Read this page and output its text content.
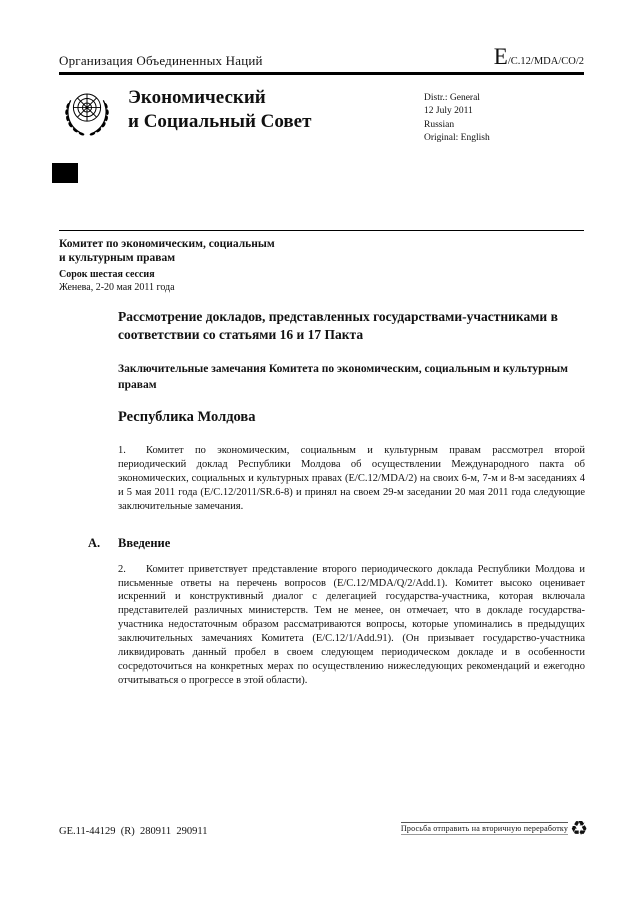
Организация Объединенных Наций	E/C.12/MDA/CO/2
Экономический
и Социальный Совет
Distr.: General
12 July 2011
Russian
Original: English
Комитет по экономическим, социальным
и культурным правам
Сорок шестая сессия
Женева, 2-20 мая 2011 года

Рассмотрение докладов, представленных государствами-участниками в соответствии со статьями 16 и 17 Пакта

Заключительные замечания Комитета по экономическим, социальным и культурным правам

Республика Молдова

1. Комитет по экономическим, социальным и культурным правам рассмотрел второй периодический доклад Республики Молдова об осуществлении Международного пакта об экономических, социальных и культурных правах (E/C.12/MDA/2) на своих 6-м, 7-м и 8-м заседаниях 4 и 5 мая 2011 года (E/C.12/2011/SR.6-8) и принял на своем 29-м заседании 20 мая 2011 года следующие заключительные замечания.

A. Введение

2. Комитет приветствует представление второго периодического доклада Республики Молдова и письменные ответы на перечень вопросов (E/C.12/MDA/Q/2/Add.1). Комитет высоко оценивает искренний и конструктивный диалог с делегацией государства-участника, которая включала представителей различных министерств. Тем не менее, он отмечает, что в докладе государства-участника недостаточным образом рассматриваются вопросы, которые упоминались в предыдущих заключительных замечаниях Комитета (E/C.12/1/Add.91). (Он призывает государство-участника ликвидировать данный пробел в своем следующем периодическом докладе и в особенности сосредоточиться на конкретных мерах по осуществлению нижеследующих рекомендаций и ежегодно отчитываться о прогрессе в этой области).

GE.11-44129  (R)  280911  290911	Просьба отправить на вторичную переработку ♻
